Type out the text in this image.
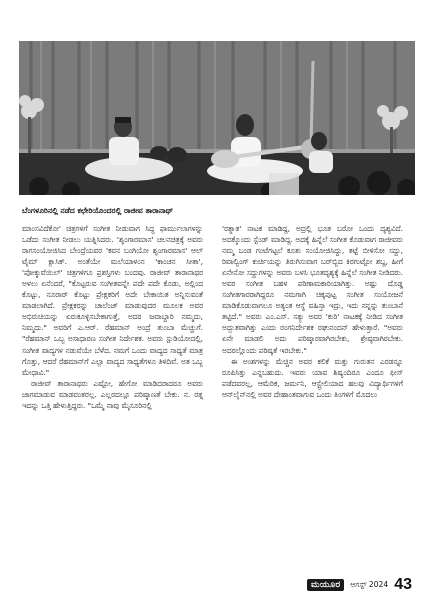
ಬೆಂಗಳೂರಿನಲ್ಲಿ ನಡೆದ ಕಛೇರಿಯೊಂದರಲ್ಲಿ ರಾಜೀವ ತಾರಾನಾಥ್

ಮಾಂಸವಿದೆಕೋ' ಚಿತ್ರಗಳಿಗೆ ಸಂಗೀತ ನೀಡುವಾಗ ಸಿದ್ಧ ಫಾರ್ಮುಲಾಗಳನ್ನು ಒಡೆದು ಸಂಗೀತ ನೀಡಲು ಯತ್ನಿಸಿದರು. 'ಶೃಂಗಾರಮಾಸ' ಚಲನಚಿತ್ರಕ್ಕೆ ಅವರು ರಾಗಸಂಯೋಜಿಸಿದ ಬೇಂದ್ರೆಯವರ 'ಕವನ ಬಂಗಿಯೋ ಶೃಂಗಾರಮಾಸ' ಆಲ್ ಟೈಮ್ ಕ್ಲಾಸಿಕ್. ಅಂತೆಯೇ ಮಲೆಯಾಳಂನ 'ಕಾಂಚನ ಸೀತಾ', 'ಪೋಕ್ಕುವೆಯಿಲ್' ಚಿತ್ರಗಳಿಗೂ ಪ್ರಶಸ್ತಿಗಳು ಬಂದವು. ರಾಜೀವ್ ತಾರಾನಾಥರ ಅಳಲು ಏನೆಂದರೆ, "ಕೊಟ್ಟರುವ ಸಂಗೀತವನ್ನೇ ಪದೇ ಪದೇ ಕೊಡು, ಅಲ್ಲಿಂದ ಕೊಟ್ಟು, ನೂರಾರ್ ಕೊಟ್ಟು ಪ್ರೇಕ್ಷಕರಿಗೆ ಅದೇ ಬೇಕಾಯಿತ ಅನ್ನಿಸುವಂತೆ ಮಾಡಲಾಗಿದೆ. ಪ್ರೇಕ್ಷಕರನ್ನು ಚಾಲೆಂಜ್ ಮಾಡುವುದರ ಮೂಲಕ ಅವರ ಅಭಿರುಚಿಯನ್ನು ಏರುಕೂಳ್ಳಿಸಬೇಕಾಗುತ್ತೆ, ಅದರ ಜವಾಬ್ದಾರಿ ನಮ್ಮದು, ನಿಮ್ಮದು." ಅವರಿಗೆ ಎ.ಆರ್. ರೆಹಮಾನ್ ಅಂದ್ರೆ ತುಂಬಾ ಮೆಚ್ಚುಗೆ. "ರೆಹಮಾನ್ ಒಬ್ಬ ಅಸಾಧಾರಣ ಸಂಗೀತ ನಿರ್ದೇಶಕ. ಅವರು ಸ್ಟುಡಿಯೋದಲ್ಲಿ, ಸಂಗೀತ ವಾದ್ಯಗಳ ನಡುವೆಯೇ ಬೆಳೆದ. ನಮಗೆ ಒಂದು ವಾದ್ಯದ ಸಾಧ್ಯತೆ ಮಾತ್ರ ಗೊತ್ತು, ಆದರೆ ರೆಹಮಾನ್‌ಗೆ ಎಲ್ಲಾ ವಾದ್ಯದ ಸಾಧ್ಯತೆಗಳೂ ತಿಳಿದಿವೆ. ಅತ ಒಬ್ಬ ಮೇಧಾವಿ."

ರಾಜೀವ್ ತಾರಾನಾಥರು ಎಷ್ಟೋ, ಹೇಗೋ ಮಾಡಿದರಾದರೂ ಅವರು ಜಾಗಮಾಡುವ ಮಾಡವಂತರಲ್ಲ. ಎಲ್ಲರದಲ್ಲೂ ಪರಿಷ್ಕಾಣತೆ ಬೇಕು. ನ. ರತ್ನ ಇದನ್ನು ಒತ್ತಿ ಹೇಳುತ್ತಿದ್ದರು. "ಒಮ್ಮೆ ನಾವು ಮೈಸೂರಿನಲ್ಲಿ

'ರತ್ನಾತ' ನಾಟಕ ಮಾಡಿದ್ದ, ಅದ್ರಲ್ಲಿ ಭೂತ ಬರೋ ಒಂದು ದೃಶ್ಯವಿದೆ. ಅದಕ್ಕೊಂದು ಸ್ಟೆಂಡ್ ಮಾಡಿದ್ದ. ಅದಕ್ಕೆ ಹಿನ್ನೆಲೆ ಸಂಗೀತ ಕೊಡುವಾಗ ರಾಜೀವರು ನಮ್ಮ ಬಂಡ ಗಂಟೆಗಟ್ಟಲೆ ಕೂತು ಸಂಯೋಜಿಸಿದ್ದು, ತಟ್ಟೆ ಬೀಳಿಸೋ ಸದ್ದು, ರಿವಾಲ್ವಿಂಗ್ ಕುರ್ಚಿಯನ್ನು ತಿರುಗಿಸುವಾಗ ಬರ್‌ಬ್ಬಿದ ಕಿರಗುಟ್ಟೋ ಶಬ್ದ, ಹೀಗೆ ಏನೇನೋ ಸದ್ದುಗಳನ್ನು ಅವರು ಬಳಸಿ ಭೂತದೃಶ್ಯಕ್ಕೆ ಹಿನ್ನೆಲೆ ಸಂಗೀತ ನೀಡಿದರು. ಅವರ ಸಂಗೀತ ಬಹಳ ಪರಿಣಾಮಕಾರಿಯಾಗಿತ್ತು. ಅಷ್ಟು ದೊಡ್ಡ ಸಂಗೀತಗಾರರಾಗಿದ್ದರೂ ನಮಗಾಗಿ ಚಿಕ್ಕಪುಟ್ಟ ಸಂಗೀತ ಸಂಯೋಜನೆ ಮಾಡಿಕೊಡುವಾಗಲೂ ಅತ್ಯಂತ ಆಸ್ಥೆ ವಹಿಸ್ತಾ ಇದ್ರು, ಇದು ನನ್ನನ್ನು ತುಂಬಾನೆ ತಟ್ಟಿದೆ." ಅವರು ಎಂ.ಎಸ್. ಸತ್ಯು ಅವರ 'ಕುರಿ' ನಾಟಕಕ್ಕೆ ನೀಡಿದ ಸಂಗೀತ ಅದ್ಭುತವಾಗಿತ್ತು ಎಂದು ರಂಗನಿರ್ದೇಶಕ ರಘುನಂದನ್ ಹೇಳುತ್ತಾರೆ. "ಅವರು ಏನೇ ಮಾಡಲಿ ಅದು ಪರಿಷ್ಕಾರವಾಗಿರಬೇಕು, ಶ್ರೇಷ್ಠವಾಗಿರಬೇಕು. ಅದರಲ್ಲೊಂದು ಪರಿಷ್ಕತೆ ಇರಬೇಕು."

ಈ ಅಂಶಗಳನ್ನು ಮೆಚ್ಚಿನ ಅವರ ಕಲಿಕೆ ಮತ್ತು ಗುರುತನ ಎರಡನ್ನೂ ರೂಪಿಸಿತ್ತು ಎನ್ನಬಹುದು. ಇವರು ಯಾವ ಶಿಷ್ಯಂದಿರೂ ಎಂದೂ ಫೀಸ್ ಪಡೆದವರಲ್ಲ, ಆಮೆರಿಕ, ಜರ್ಮನಿ, ಆಸ್ಟ್ರೇಲಿಯಾದ ಹಲವು ವಿದ್ಯಾರ್ಥಿಗಳಿಗೆ ಆನ್‌ಲೈನ್‌ನಲ್ಲಿ ಅವರ ದೇಹಾಂತವಾಗುವ ಒಂದು ತಿಂಗಳಿಗೆ ಮೊದಲು

ಮಯೂರ	ಆಗಸ್ಟ್ 2024 43
